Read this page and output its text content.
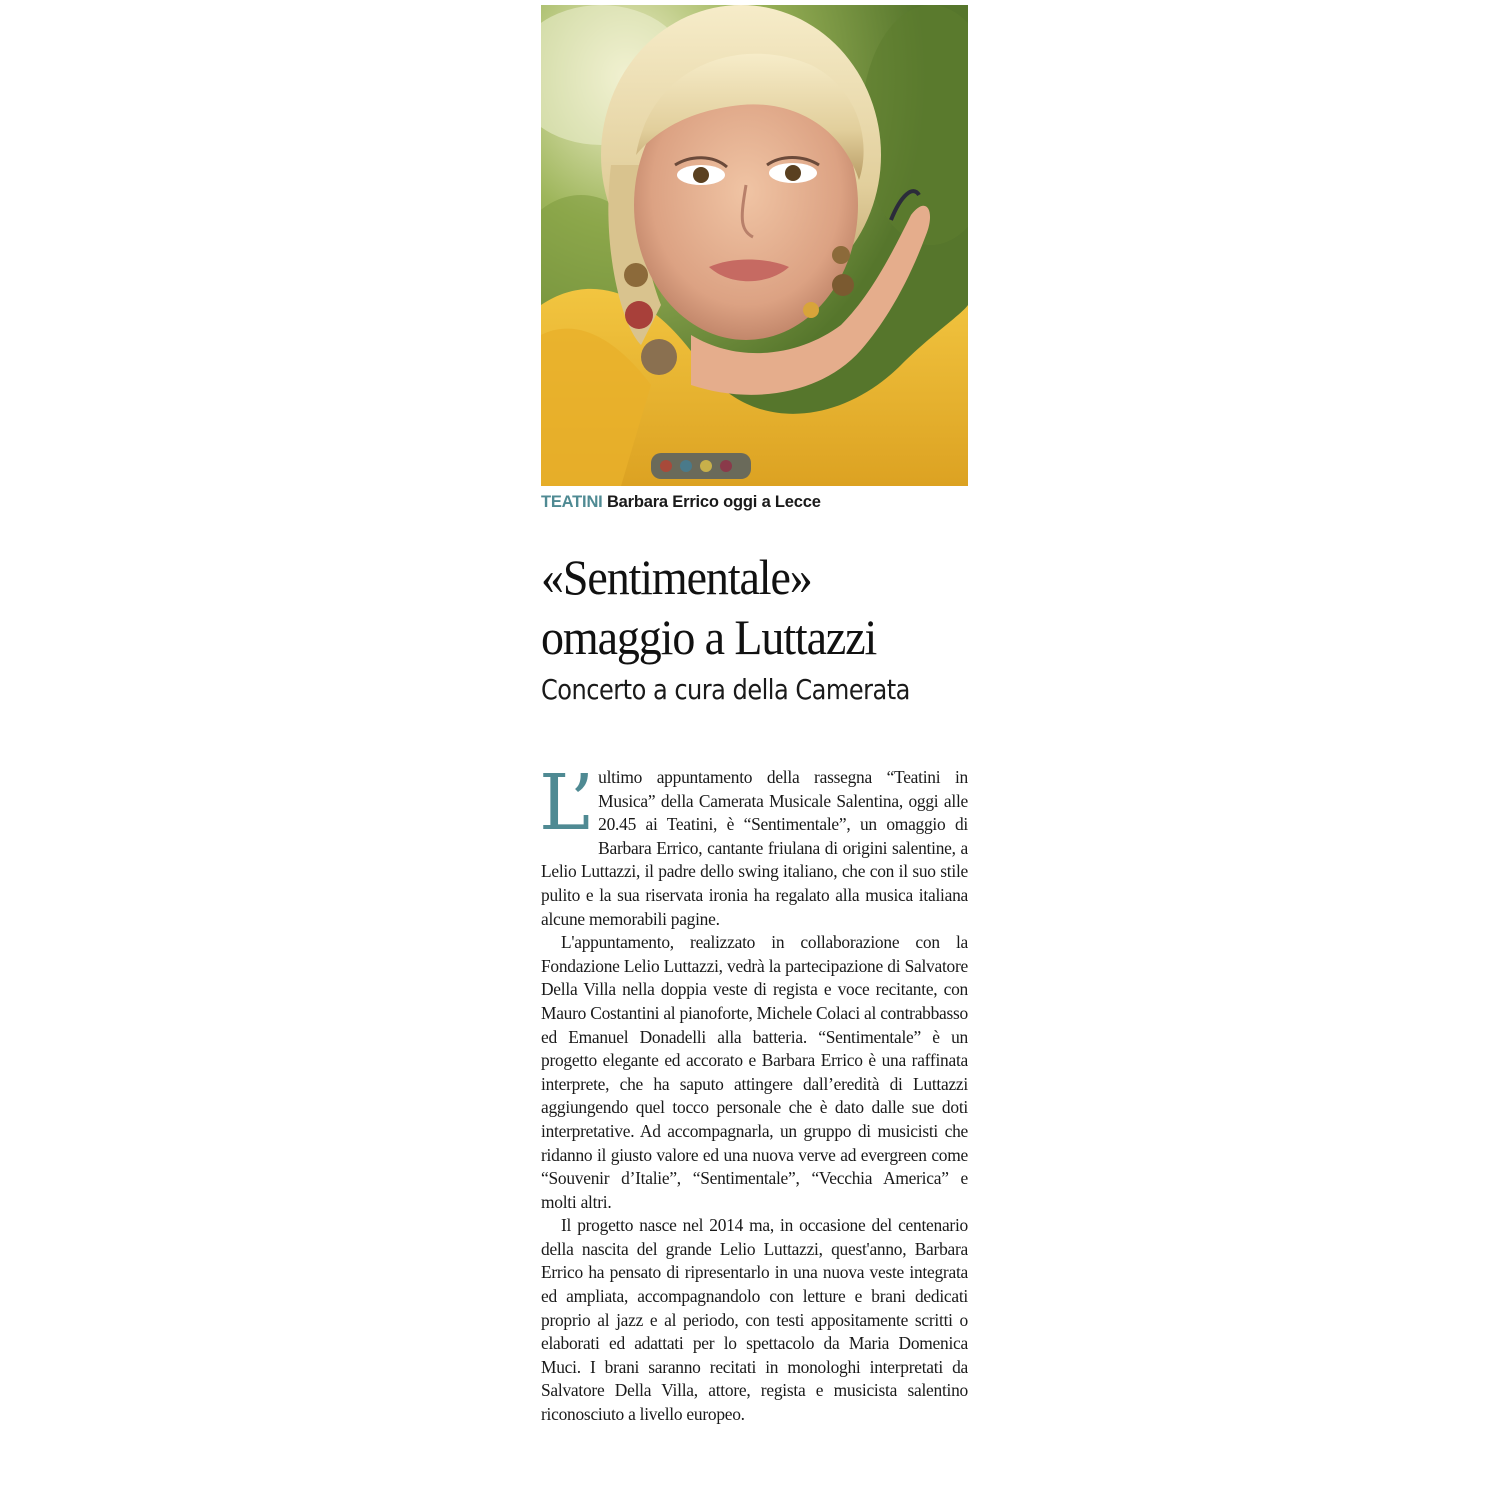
TEATINI Barbara Errico oggi a Lecce
«Sentimentale»
omaggio a Luttazzi
Concerto a cura della Camerata

L’ ultimo appuntamento della rassegna “Teatini in Musica” della Camerata Musicale Salentina, oggi alle 20.45 ai Teatini, è “Sentimentale”, un omaggio di Barbara Errico, cantante friulana di origini salentine, a Lelio Luttazzi, il padre dello swing italiano, che con il suo stile pulito e la sua riservata ironia ha regalato alla musica italiana alcune memorabili pagine.

L'appuntamento, realizzato in collaborazione con la Fondazione Lelio Luttazzi, vedrà la partecipazione di Salvatore Della Villa nella doppia veste di regista e voce recitante, con Mauro Costantini al pianoforte, Michele Colaci al contrabbasso ed Emanuel Donadelli alla batteria. “Sentimentale” è un progetto elegante ed accorato e Barbara Errico è una raffinata interprete, che ha saputo attingere dall’eredità di Luttazzi aggiungendo quel tocco personale che è dato dalle sue doti interpretative. Ad accompagnarla, un gruppo di musicisti che ridanno il giusto valore ed una nuova verve ad evergreen come “Souvenir d’Italie”, “Sentimentale”, “Vecchia America” e molti altri.

Il progetto nasce nel 2014 ma, in occasione del centenario della nascita del grande Lelio Luttazzi, quest'anno, Barbara Errico ha pensato di ripresentarlo in una nuova veste integrata ed ampliata, accompagnandolo con letture e brani dedicati proprio al jazz e al periodo, con testi appositamente scritti o elaborati ed adattati per lo spettacolo da Maria Domenica Muci. I brani saranno recitati in monologhi interpretati da Salvatore Della Villa, attore, regista e musicista salentino riconosciuto a livello europeo.
